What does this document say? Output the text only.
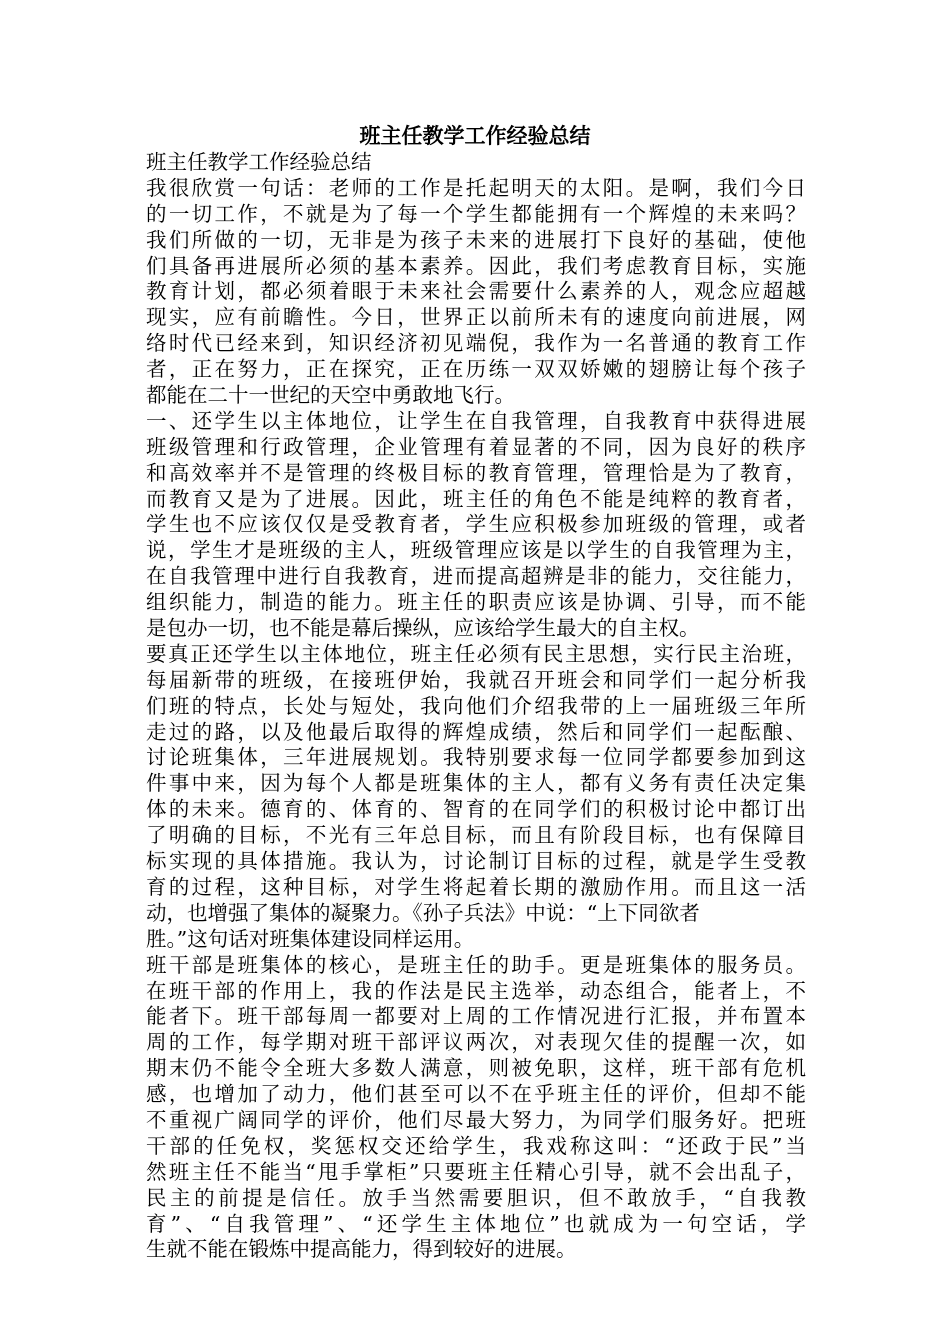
班主任教学工作经验总结
班主任教学工作经验总结
我很欣赏一句话：老师的工作是托起明天的太阳。是啊，我们今日
的一切工作，不就是为了每一个学生都能拥有一个辉煌的未来吗？
我们所做的一切，无非是为孩子未来的进展打下良好的基础，使他
们具备再进展所必须的基本素养。因此，我们考虑教育目标，实施
教育计划，都必须着眼于未来社会需要什么素养的人，观念应超越
现实，应有前瞻性。今日，世界正以前所未有的速度向前进展，网
络时代已经来到，知识经济初见端倪，我作为一名普通的教育工作
者，正在努力，正在探究，正在历练一双双娇嫩的翅膀让每个孩子
都能在二十一世纪的天空中勇敢地飞行。
一、还学生以主体地位，让学生在自我管理，自我教育中获得进展
班级管理和行政管理，企业管理有着显著的不同，因为良好的秩序
和高效率并不是管理的终极目标的教育管理，管理恰是为了教育，
而教育又是为了进展。因此，班主任的角色不能是纯粹的教育者，
学生也不应该仅仅是受教育者，学生应积极参加班级的管理，或者
说，学生才是班级的主人，班级管理应该是以学生的自我管理为主，
在自我管理中进行自我教育，进而提高超辨是非的能力，交往能力，
组织能力，制造的能力。班主任的职责应该是协调、引导，而不能
是包办一切，也不能是幕后操纵，应该给学生最大的自主权。
要真正还学生以主体地位，班主任必须有民主思想，实行民主治班，
每届新带的班级，在接班伊始，我就召开班会和同学们一起分析我
们班的特点，长处与短处，我向他们介绍我带的上一届班级三年所
走过的路，以及他最后取得的辉煌成绩，然后和同学们一起酝酿、
讨论班集体，三年进展规划。我特别要求每一位同学都要参加到这
件事中来，因为每个人都是班集体的主人，都有义务有责任决定集
体的未来。德育的、体育的、智育的在同学们的积极讨论中都订出
了明确的目标，不光有三年总目标，而且有阶段目标，也有保障目
标实现的具体措施。我认为，讨论制订目标的过程，就是学生受教
育的过程，这种目标，对学生将起着长期的激励作用。而且这一活
动，也增强了集体的凝聚力。《孙子兵法》中说：“上下同欲者
胜。”这句话对班集体建设同样运用。
班干部是班集体的核心，是班主任的助手。更是班集体的服务员。
在班干部的作用上，我的作法是民主选举，动态组合，能者上，不
能者下。班干部每周一都要对上周的工作情况进行汇报，并布置本
周的工作，每学期对班干部评议两次，对表现欠佳的提醒一次，如
期末仍不能令全班大多数人满意，则被免职，这样，班干部有危机
感，也增加了动力，他们甚至可以不在乎班主任的评价，但却不能
不重视广阔同学的评价，他们尽最大努力，为同学们服务好。把班
干部的任免权，奖惩权交还给学生，我戏称这叫：“还政于民”当
然班主任不能当“甩手掌柜”只要班主任精心引导，就不会出乱子，
民主的前提是信任。放手当然需要胆识，但不敢放手，“自我教
育”、“自我管理”、“还学生主体地位”也就成为一句空话，学
生就不能在锻炼中提高能力，得到较好的进展。
